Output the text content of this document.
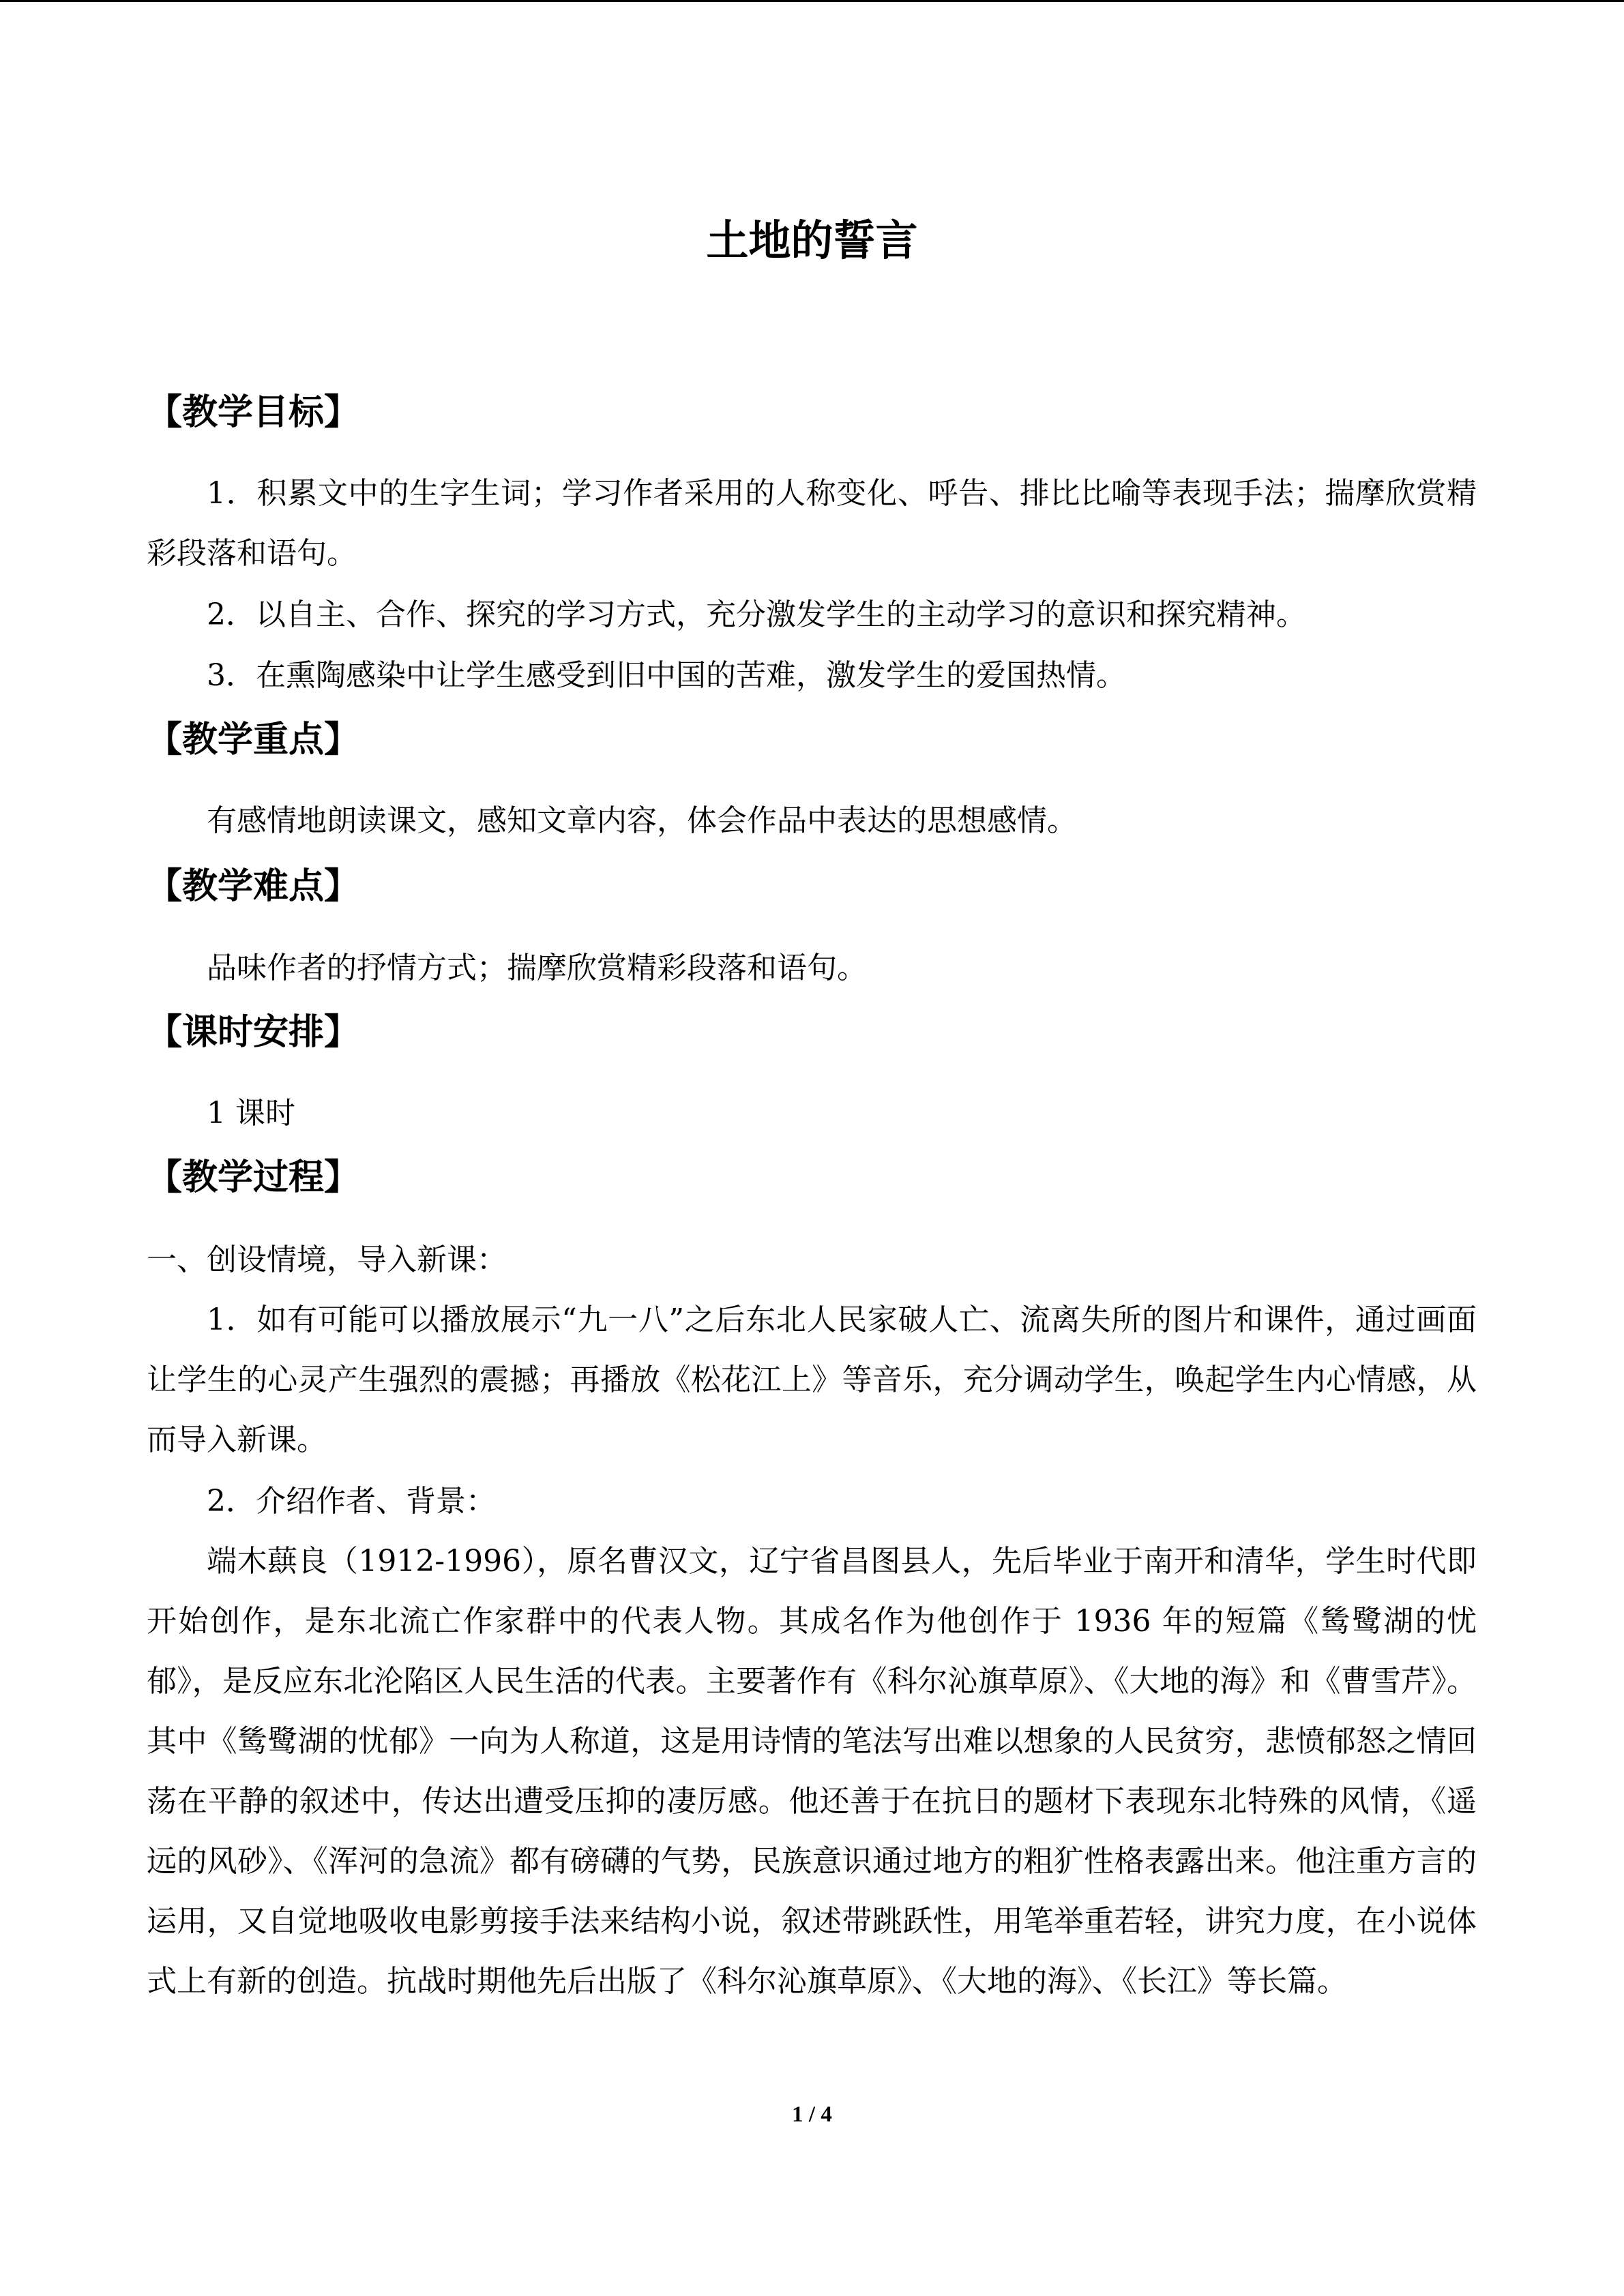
土地的誓言
【教学目标】
1．积累文中的生字生词；学习作者采用的人称变化、呼告、排比比喻等表现手法；揣摩欣赏精彩段落和语句。
2．以自主、合作、探究的学习方式，充分激发学生的主动学习的意识和探究精神。
3．在熏陶感染中让学生感受到旧中国的苦难，激发学生的爱国热情。
【教学重点】
有感情地朗读课文，感知文章内容，体会作品中表达的思想感情。
【教学难点】
品味作者的抒情方式；揣摩欣赏精彩段落和语句。
【课时安排】
1 课时
【教学过程】
一、创设情境，导入新课：
1．如有可能可以播放展示“九一八”之后东北人民家破人亡、流离失所的图片和课件，通过画面让学生的心灵产生强烈的震撼；再播放《松花江上》等音乐，充分调动学生，唤起学生内心情感，从而导入新课。
2．介绍作者、背景：
端木蕻良（1912-1996），原名曹汉文，辽宁省昌图县人，先后毕业于南开和清华，学生时代即开始创作，是东北流亡作家群中的代表人物。其成名作为他创作于 1936 年的短篇《鸶鹭湖的忧郁》，是反应东北沦陷区人民生活的代表。主要著作有《科尔沁旗草原》、《大地的海》和《曹雪芹》。其中《鸶鹭湖的忧郁》一向为人称道，这是用诗情的笔法写出难以想象的人民贫穷，悲愤郁怒之情回荡在平静的叙述中，传达出遭受压抑的凄厉感。他还善于在抗日的题材下表现东北特殊的风情，《遥远的风砂》、《浑河的急流》都有磅礴的气势，民族意识通过地方的粗犷性格表露出来。他注重方言的运用，又自觉地吸收电影剪接手法来结构小说，叙述带跳跃性，用笔举重若轻，讲究力度，在小说体式上有新的创造。抗战时期他先后出版了《科尔沁旗草原》、《大地的海》、《长江》等长篇。
1 / 4
